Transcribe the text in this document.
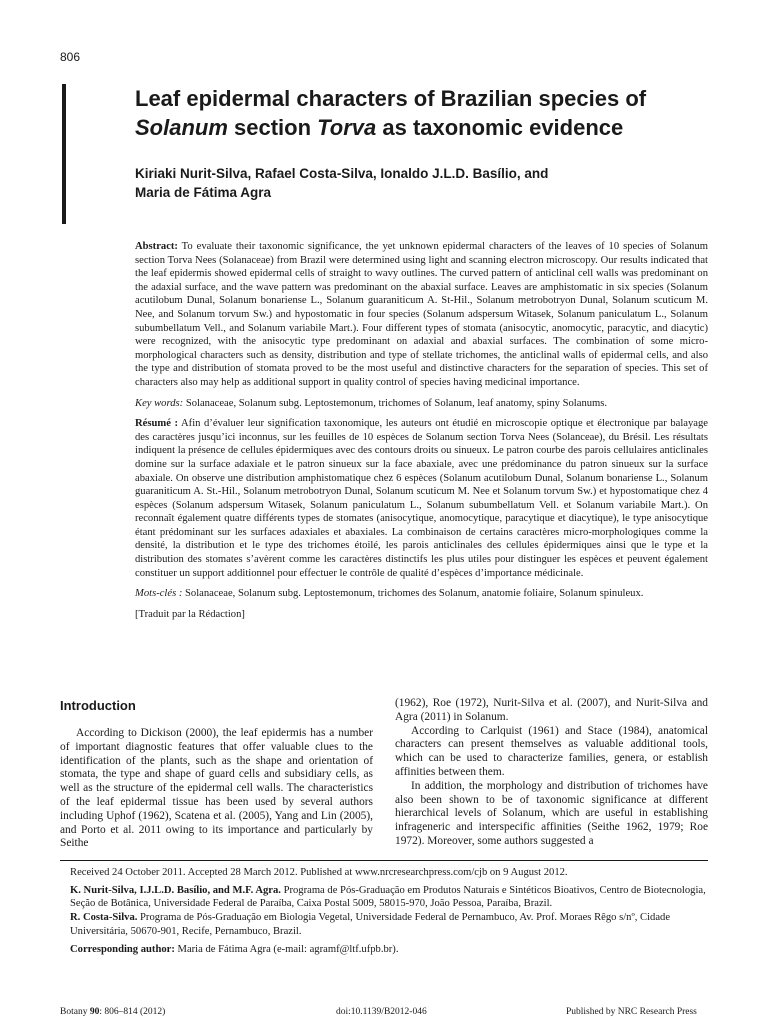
806
Leaf epidermal characters of Brazilian species of
Solanum section Torva as taxonomic evidence
Kiriaki Nurit-Silva, Rafael Costa-Silva, Ionaldo J.L.D. Basílio, and
Maria de Fátima Agra

Abstract: To evaluate their taxonomic significance, the yet unknown epidermal characters of the leaves of 10 species of Solanum section Torva Nees (Solanaceae) from Brazil were determined using light and scanning electron microscopy. Our results indicated that the leaf epidermis showed epidermal cells of straight to wavy outlines. The curved pattern of anticlinal cell walls was predominant on the adaxial surface, and the wave pattern was predominant on the abaxial surface. Leaves are amphistomatic in six species (Solanum acutilobum Dunal, Solanum bonariense L., Solanum guaraniticum A. St-Hil., Solanum metrobotryon Dunal, Solanum scuticum M. Nee, and Solanum torvum Sw.) and hypostomatic in four species (Solanum adspersum Witasek, Solanum paniculatum L., Solanum subumbellatum Vell., and Solanum variabile Mart.). Four different types of stomata (anisocytic, anomocytic, paracytic, and diacytic) were recognized, with the anisocytic type predominant on adaxial and abaxial surfaces. The combination of some micro-morphological characters such as density, distribution and type of stellate trichomes, the anticlinal walls of epidermal cells, and also the type and distribution of stomata proved to be the most useful and distinctive characters for the separation of species. This set of characters also may help as additional support in quality control of species having medicinal importance.

Key words: Solanaceae, Solanum subg. Leptostemonum, trichomes of Solanum, leaf anatomy, spiny Solanums.

Résumé : Afin d’évaluer leur signification taxonomique, les auteurs ont étudié en microscopie optique et électronique par balayage des caractères jusqu’ici inconnus, sur les feuilles de 10 espèces de Solanum section Torva Nees (Solanceae), du Brésil. Les résultats indiquent la présence de cellules épidermiques avec des contours droits ou sinueux. Le patron courbe des parois cellulaires anticlinales domine sur la surface adaxiale et le patron sinueux sur la face abaxiale, avec une prédominance du patron sinueux sur la surface abaxiale. On observe une distribution amphistomatique chez 6 espèces (Solanum acutilobum Dunal, Solanum bonariense L., Solanum guaraniticum A. St.-Hil., Solanum metrobotryon Dunal, Solanum scuticum M. Nee et Solanum torvum Sw.) et hypostomatique chez 4 espèces (Solanum adspersum Witasek, Solanum paniculatum L., Solanum subumbellatum Vell. et Solanum variabile Mart.). On reconnaît également quatre différents types de stomates (anisocytique, anomocytique, paracytique et diacytique), le type anisocytique étant prédominant sur les surfaces adaxiales et abaxiales. La combinaison de certains caractères micro-morphologiques comme la densité, la distribution et le type des trichomes étoilé, les parois anticlinales des cellules épidermiques ainsi que le type et la distribution des stomates s’avèrent comme les caractères distinctifs les plus utiles pour distinguer les espèces et peuvent également constituer un support additionnel pour effectuer le contrôle de qualité d’espèces d’importance médicinale.

Mots-clés : Solanaceae, Solanum subg. Leptostemonum, trichomes des Solanum, anatomie foliaire, Solanum spinuleux.

[Traduit par la Rédaction]

Introduction

According to Dickison (2000), the leaf epidermis has a number of important diagnostic features that offer valuable clues to the identification of the plants, such as the shape and orientation of stomata, the type and shape of guard cells and subsidiary cells, as well as the structure of the epidermal cell walls. The characteristics of the leaf epidermal tissue has been used by several authors including Uphof (1962), Scatena et al. (2005), Yang and Lin (2005), and Porto et al. 2011 owing to its importance and particularly by Seithe

(1962), Roe (1972), Nurit-Silva et al. (2007), and Nurit-Silva and Agra (2011) in Solanum.

According to Carlquist (1961) and Stace (1984), anatomical characters can present themselves as valuable additional tools, which can be used to characterize families, genera, or establish affinities between them.

In addition, the morphology and distribution of trichomes have also been shown to be of taxonomic significance at different hierarchical levels of Solanum, which are useful in establishing infrageneric and interspecific affinities (Seithe 1962, 1979; Roe 1972). Moreover, some authors suggested a

Received 24 October 2011. Accepted 28 March 2012. Published at www.nrcresearchpress.com/cjb on 9 August 2012.

K. Nurit-Silva, I.J.L.D. Basílio, and M.F. Agra. Programa de Pós-Graduação em Produtos Naturais e Sintéticos Bioativos, Centro de Biotecnologia, Seção de Botânica, Universidade Federal de Paraíba, Caixa Postal 5009, 58015-970, João Pessoa, Paraíba, Brazil.
R. Costa-Silva. Programa de Pós-Graduação em Biologia Vegetal, Universidade Federal de Pernambuco, Av. Prof. Moraes Rêgo s/nº, Cidade Universitária, 50670-901, Recife, Pernambuco, Brazil.

Corresponding author: Maria de Fátima Agra (e-mail: agramf@ltf.ufpb.br).

Botany 90: 806–814 (2012)	doi:10.1139/B2012-046	Published by NRC Research Press
